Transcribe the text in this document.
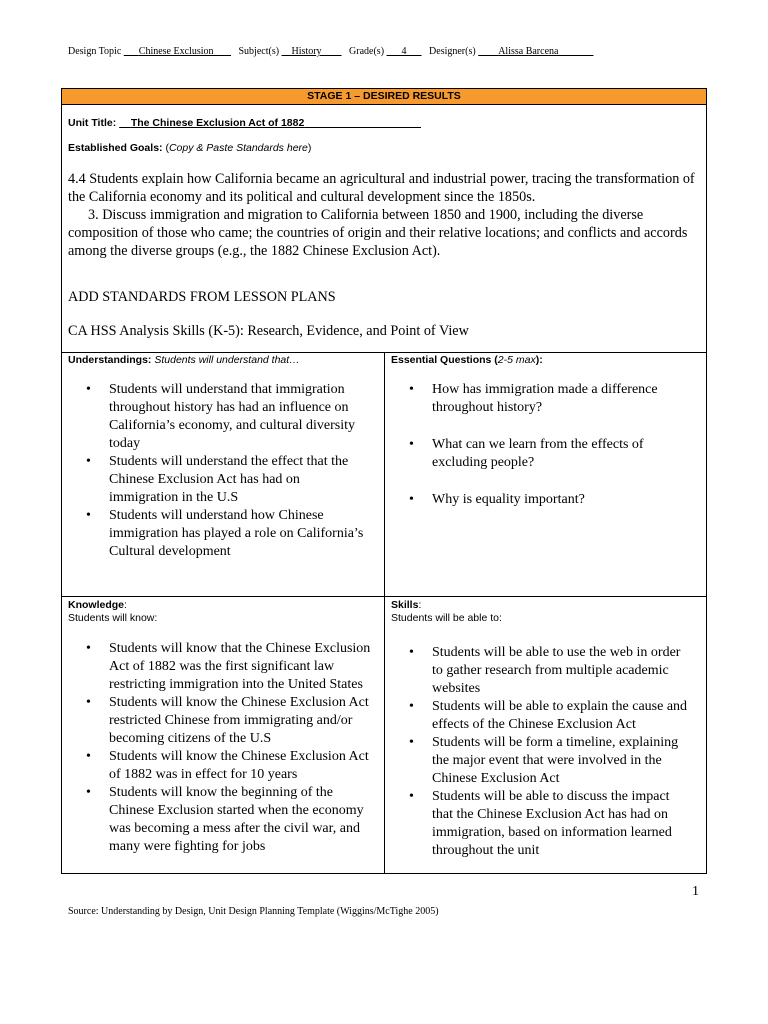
Design Topic   _  Chinese Exclusion	Subject(s) History	Grade(s) 4 Designer(s) Alissa Barcena
STAGE 1 – DESIRED RESULTS
Unit Title: The Chinese Exclusion Act of 1882
Established Goals: (Copy & Paste Standards here)
4.4 Students explain how California became an agricultural and industrial power, tracing the transformation of the California economy and its political and cultural development since the 1850s.
3. Discuss immigration and migration to California between 1850 and 1900, including the diverse composition of those who came; the countries of origin and their relative locations; and conflicts and accords among the diverse groups (e.g., the 1882 Chinese Exclusion Act).
ADD STANDARDS FROM LESSON PLANS
CA HSS Analysis Skills (K-5): Research, Evidence, and Point of View
Understandings: Students will understand that…
• Students will understand that immigration throughout history has had an influence on California’s economy, and cultural diversity today
• Students will understand the effect that the Chinese Exclusion Act has had on immigration in the U.S
• Students will understand how Chinese immigration has played a role on California’s Cultural development
Essential Questions (2-5 max):
• How has immigration made a difference throughout history?
• What can we learn from the effects of excluding people?
• Why is equality important?
Knowledge:
Students will know:
• Students will know that the Chinese Exclusion Act of 1882 was the first significant law restricting immigration into the United States
• Students will know the Chinese Exclusion Act restricted Chinese from immigrating and/or becoming citizens of the U.S
• Students will know the Chinese Exclusion Act of 1882 was in effect for 10 years
• Students will know the beginning of the Chinese Exclusion started when the economy was becoming a mess after the civil war, and many were fighting for jobs
Skills:
Students will be able to:
• Students will be able to use the web in order to gather research from multiple academic websites
• Students will be able to explain the cause and effects of the Chinese Exclusion Act
• Students will be form a timeline, explaining the major event that were involved in the Chinese Exclusion Act
• Students will be able to discuss the impact that the Chinese Exclusion Act has had on immigration, based on information learned throughout the unit
1
Source: Understanding by Design, Unit Design Planning Template (Wiggins/McTighe 2005)
